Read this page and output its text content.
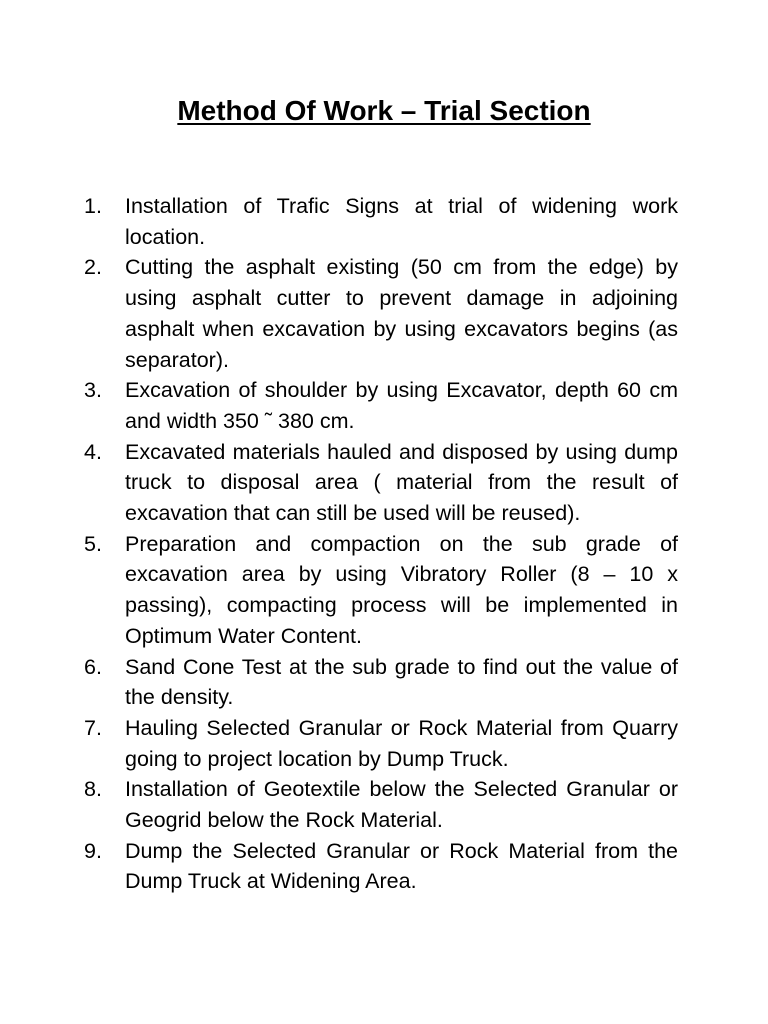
Method Of Work – Trial Section
1.	Installation of Trafic Signs at trial of widening work location.
2.	Cutting the asphalt existing (50 cm from the edge) by using asphalt cutter to prevent damage in adjoining asphalt when excavation by using excavators begins (as separator).
3.	Excavation of shoulder by using Excavator, depth 60 cm and width 350 ˜ 380 cm.
4.	Excavated materials hauled and disposed by using dump truck to disposal area ( material from the result of excavation that can still be used will be reused).
5.	Preparation and compaction on the sub grade of excavation area by using Vibratory Roller (8 – 10 x passing), compacting process will be implemented in Optimum Water Content.
6.	Sand Cone Test at the sub grade to find out the value of the density.
7.	Hauling Selected Granular or Rock Material from Quarry going to project location by Dump Truck.
8.	Installation of Geotextile below the Selected Granular or Geogrid below the Rock Material.
9.	Dump the Selected Granular or Rock Material from the Dump Truck at Widening Area.
